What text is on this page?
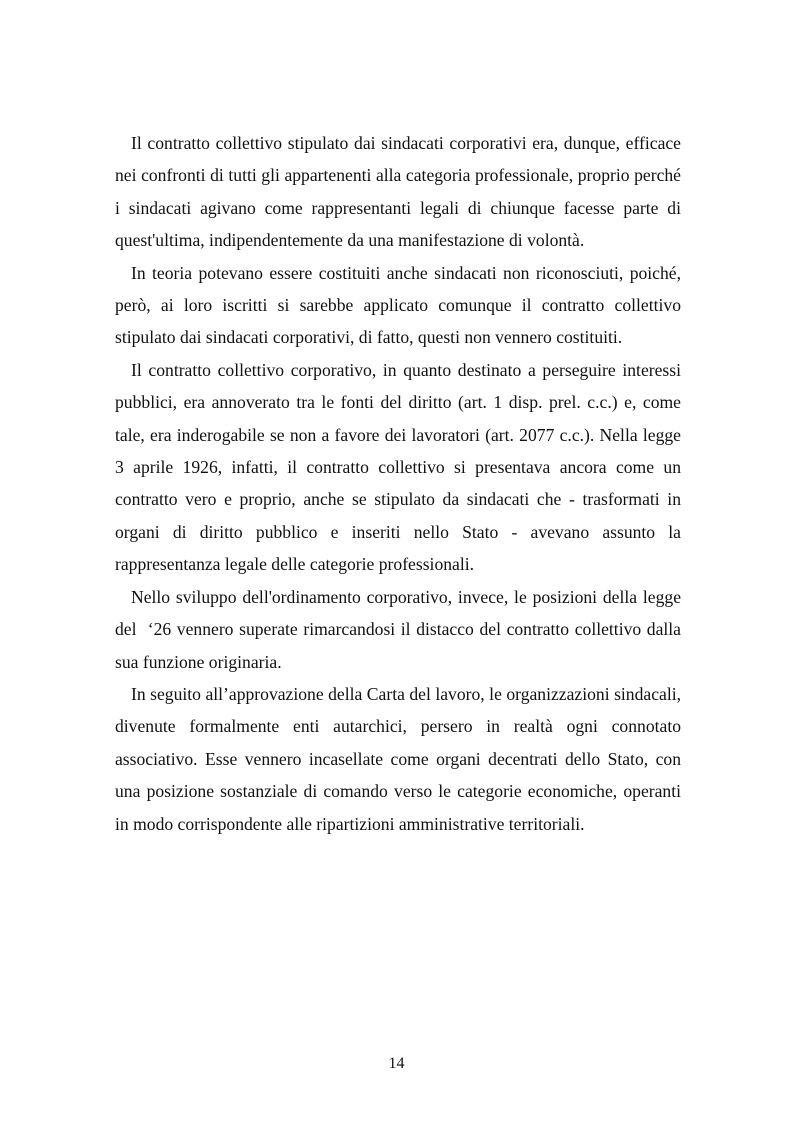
Il contratto collettivo stipulato dai sindacati corporativi era, dunque, efficace nei confronti di tutti gli appartenenti alla categoria professionale, proprio perché i sindacati agivano come rappresentanti legali di chiunque facesse parte di quest'ultima, indipendentemente da una manifestazione di volontà.

In teoria potevano essere costituiti anche sindacati non riconosciuti, poiché, però, ai loro iscritti si sarebbe applicato comunque il contratto collettivo stipulato dai sindacati corporativi, di fatto, questi non vennero costituiti.

Il contratto collettivo corporativo, in quanto destinato a perseguire interessi pubblici, era annoverato tra le fonti del diritto (art. 1 disp. prel. c.c.) e, come tale, era inderogabile se non a favore dei lavoratori (art. 2077 c.c.). Nella legge 3 aprile 1926, infatti, il contratto collettivo si presentava ancora come un contratto vero e proprio, anche se stipulato da sindacati che - trasformati in organi di diritto pubblico e inseriti nello Stato - avevano assunto la rappresentanza legale delle categorie professionali.

Nello sviluppo dell'ordinamento corporativo, invece, le posizioni della legge del  ‘26 vennero superate rimarcandosi il distacco del contratto collettivo dalla sua funzione originaria.

In seguito all’approvazione della Carta del lavoro, le organizzazioni sindacali, divenute formalmente enti autarchici, persero in realtà ogni connotato associativo. Esse vennero incasellate come organi decentrati dello Stato, con una posizione sostanziale di comando verso le categorie economiche, operanti in modo corrispondente alle ripartizioni amministrative territoriali.

14
